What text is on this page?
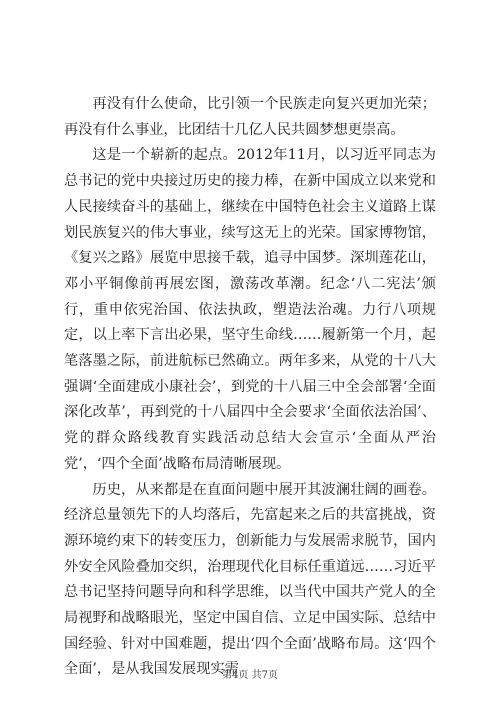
再没有什么使命，比引领一个民族走向复兴更加光荣；再没有什么事业，比团结十几亿人民共圆梦想更崇高。

这是一个崭新的起点。2012年11月，以习近平同志为总书记的党中央接过历史的接力棒，在新中国成立以来党和人民接续奋斗的基础上，继续在中国特色社会主义道路上谋划民族复兴的伟大事业，续写这无上的光荣。国家博物馆，《复兴之路》展览中思接千载，追寻中国梦。深圳莲花山，邓小平铜像前再展宏图，激荡改革潮。纪念‘八二宪法’颁行，重申依宪治国、依法执政，塑造法治魂。力行八项规定，以上率下言出必果，坚守生命线……履新第一个月，起笔落墨之际，前进航标已然确立。两年多来，从党的十八大强调‘全面建成小康社会’，到党的十八届三中全会部署‘全面深化改革’，再到党的十八届四中全会要求‘全面依法治国’、党的群众路线教育实践活动总结大会宣示‘全面从严治党’，‘四个全面’战略布局清晰展现。

历史，从来都是在直面问题中展开其波澜壮阔的画卷。经济总量领先下的人均落后，先富起来之后的共富挑战，资源环境约束下的转变压力，创新能力与发展需求脱节，国内外安全风险叠加交织，治理现代化目标任重道远……习近平总书记坚持问题导向和科学思维，以当代中国共产党人的全局视野和战略眼光，坚定中国自信、立足中国实际、总结中国经验、针对中国难题，提出‘四个全面’战略布局。这‘四个全面’，是从我国发展现实需

第4页 共7页
